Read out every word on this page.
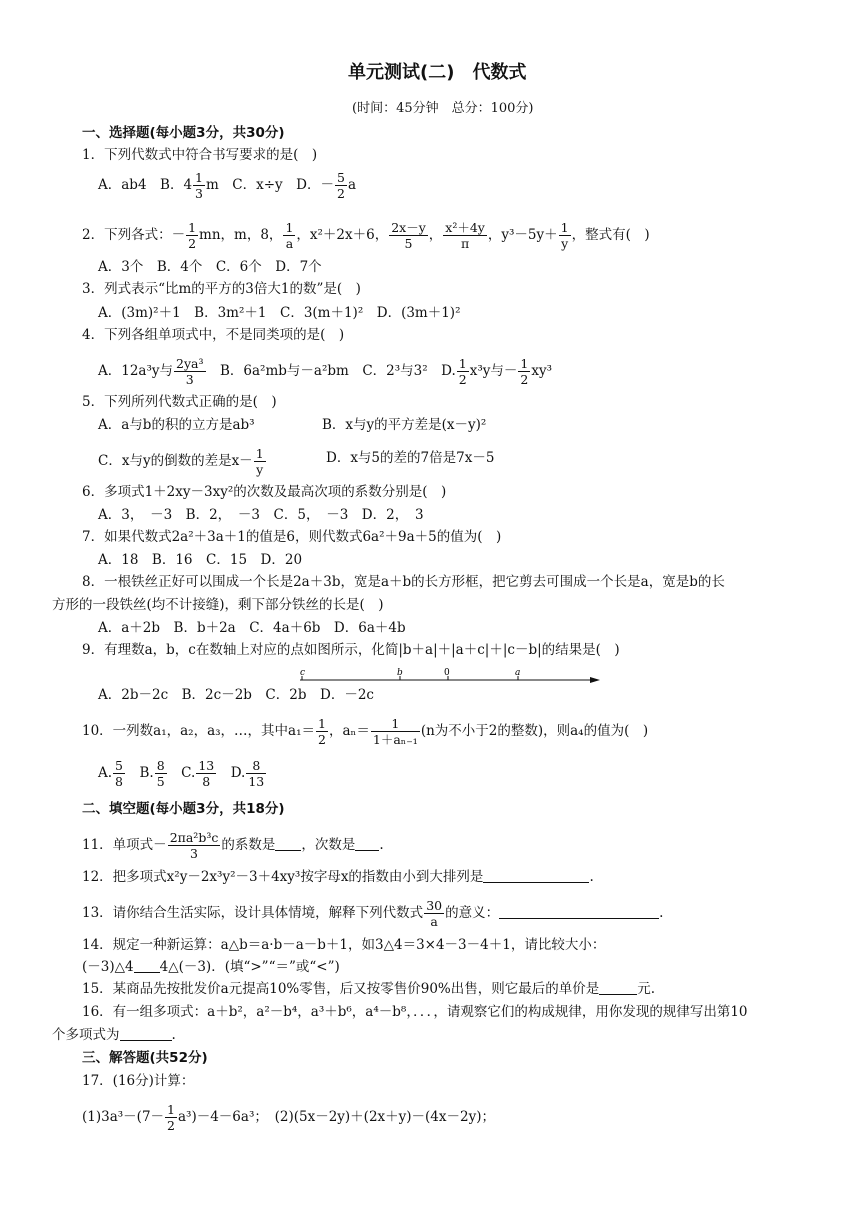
单元测试(二)　代数式
(时间：45分钟　总分：100分)
一、选择题(每小题3分，共30分)
1．下列代数式中符合书写要求的是(　)
A．ab4　B．$4 \frac{1}{3}$ m　C．x÷y　D．－ $\frac{5}{2}$ a
2．下列各式：－ $\frac{1}{2}$ mn，m，8， $\frac{1}{a}$ ，x²＋2x＋6， $\frac{2x-y}{5}$ ， $\frac{\text{x²＋4y}}{\pi}$ ，$y^3-5y+ \frac{1}{y}$ ，整式有(　)
A．3个　B．4个　C．6个　D．7个
3．列式表示“比m的平方的3倍大1的数”是(　)
A．(3m)²＋1　B．3m²＋1　C．3(m＋1)²　D．(3m＋1)²
4．下列各组单项式中，不是同类项的是(　)
A．12a³y与 $\frac{\text{2ya³}}{3}$ 　B．6a²mb与－a²bm　C．2³与3²　D. $\frac{1}{2} x^3y$与－ $\frac{1}{2} xy^3$
5．下列所列代数式正确的是(　)
A．a与b的积的立方是ab³	B．x与y的平方差是(x－y)²
C．x与y的倒数的差是$x- \frac{1}{y}$	D．x与5的差的7倍是7x－5
6．多项式1＋2xy－3xy²的次数及最高次项的系数分别是(　)
A．3，　－3　B．2，　－3　C．5，　－3　D．2，　3
7．如果代数式2a²＋3a＋1的值是6，则代数式6a²＋9a＋5的值为(　)
A．18　B．16　C．15　D．20
8．一根铁丝正好可以围成一个长是2a＋3b，宽是a＋b的长方形框，把它剪去可围成一个长是a，宽是b的长
方形的一段铁丝(均不计接缝)，剩下部分铁丝的长是(　)
A．a＋2b　B．b＋2a　C．4a＋6b　D．6a＋4b
9．有理数a，b，c在数轴上对应的点如图所示，化简|b＋a|＋|a＋c|＋|c－b|的结果是(　)
c	b	0	a
A．2b－2c　B．2c－2b　C．2b　D．－2c
10．一列数a₁，a₂，a₃，…，其中$a_1= \frac{1}{2}$ ，$a_n= \frac{1}{\text{1＋aₙ₋₁}} (n$为不小于2的整数)，则a₄的值为(　)
A. $\frac{5}{8}$ 　B. $\frac{8}{5}$ 　C. $\frac{13}{8}$ 　D. $\frac{8}{13}$
二、填空题(每小题3分，共18分)
11．单项式－ $\frac{\text{2πa²b³c}}{3}$ 的系数是 ，次数是 .
12．把多项式x²y－2x³y²－3＋4xy³按字母x的指数由小到大排列是	.
13．请你结合生活实际，设计具体情境，解释下列代数式 $\frac{30}{a}$ 的意义：	.
14．规定一种新运算：a△b＝a·b－a－b＋1，如3△4＝3×4－3－4＋1，请比较大小：
(－3)△4 4△(－3)．(填“>”“＝”或“<”)
15．某商品先按批发价a元提高10%零售，后又按零售价90%出售，则它最后的单价是	元.
16．有一组多项式：a＋b²，a²－b⁴，a³＋b⁶，a⁴－b⁸，．．．，请观察它们的构成规律，用你发现的规律写出第10
个多项式为	.
三、解答题(共52分)
17．(16分)计算：
$(1)3a^3-(7- \frac{1}{2} a^3)-4-6a^3$；　(2)(5x－2y)＋(2x＋y)－(4x－2y)；
